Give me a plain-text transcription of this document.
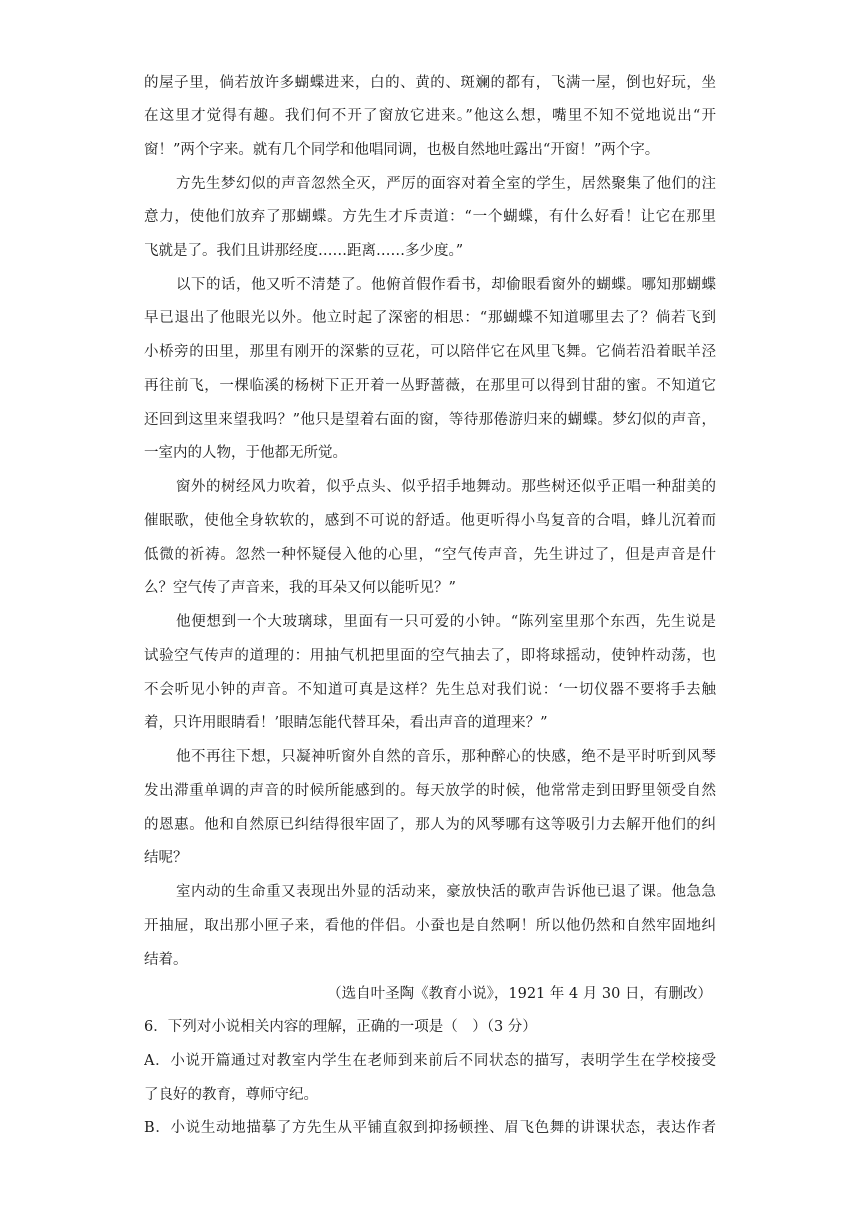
的屋子里，倘若放许多蝴蝶进来，白的、黄的、斑斓的都有，飞满一屋，倒也好玩，坐
在这里才觉得有趣。我们何不开了窗放它进来。”他这么想，嘴里不知不觉地说出“开
窗！”两个字来。就有几个同学和他唱同调，也极自然地吐露出“开窗！”两个字。
方先生梦幻似的声音忽然全灭，严厉的面容对着全室的学生，居然聚集了他们的注
意力，使他们放弃了那蝴蝶。方先生才斥责道：“一个蝴蝶，有什么好看！让它在那里
飞就是了。我们且讲那经度……距离……多少度。”
以下的话，他又听不清楚了。他俯首假作看书，却偷眼看窗外的蝴蝶。哪知那蝴蝶
早已退出了他眼光以外。他立时起了深密的相思：“那蝴蝶不知道哪里去了？倘若飞到
小桥旁的田里，那里有刚开的深紫的豆花，可以陪伴它在风里飞舞。它倘若沿着眠羊泾
再往前飞，一棵临溪的杨树下正开着一丛野蔷薇，在那里可以得到甘甜的蜜。不知道它
还回到这里来望我吗？”他只是望着右面的窗，等待那倦游归来的蝴蝶。梦幻似的声音，
一室内的人物，于他都无所觉。
窗外的树经风力吹着，似乎点头、似乎招手地舞动。那些树还似乎正唱一种甜美的
催眠歌，使他全身软软的，感到不可说的舒适。他更听得小鸟复音的合唱，蜂儿沉着而
低微的祈祷。忽然一种怀疑侵入他的心里，“空气传声音，先生讲过了，但是声音是什
么？空气传了声音来，我的耳朵又何以能听见？”
他便想到一个大玻璃球，里面有一只可爱的小钟。“陈列室里那个东西，先生说是
试验空气传声的道理的：用抽气机把里面的空气抽去了，即将球摇动，使钟杵动荡，也
不会听见小钟的声音。不知道可真是这样？先生总对我们说：‘一切仪器不要将手去触
着，只许用眼睛看！’眼睛怎能代替耳朵，看出声音的道理来？”
他不再往下想，只凝神听窗外自然的音乐，那种醉心的快感，绝不是平时听到风琴
发出滞重单调的声音的时候所能感到的。每天放学的时候，他常常走到田野里领受自然
的恩惠。他和自然原已纠结得很牢固了，那人为的风琴哪有这等吸引力去解开他们的纠
结呢？
室内动的生命重又表现出外显的活动来，豪放快活的歌声告诉他已退了课。他急急
开抽屉，取出那小匣子来，看他的伴侣。小蚕也是自然啊！所以他仍然和自然牢固地纠
结着。
（选自叶圣陶《教育小说》，1921 年 4 月 30 日，有删改）
6．下列对小说相关内容的理解，正确的一项是（　）（3 分）
A．小说开篇通过对教室内学生在老师到来前后不同状态的描写，表明学生在学校接受
了良好的教育，尊师守纪。
B．小说生动地描摹了方先生从平铺直叙到抑扬顿挫、眉飞色舞的讲课状态，表达作者
